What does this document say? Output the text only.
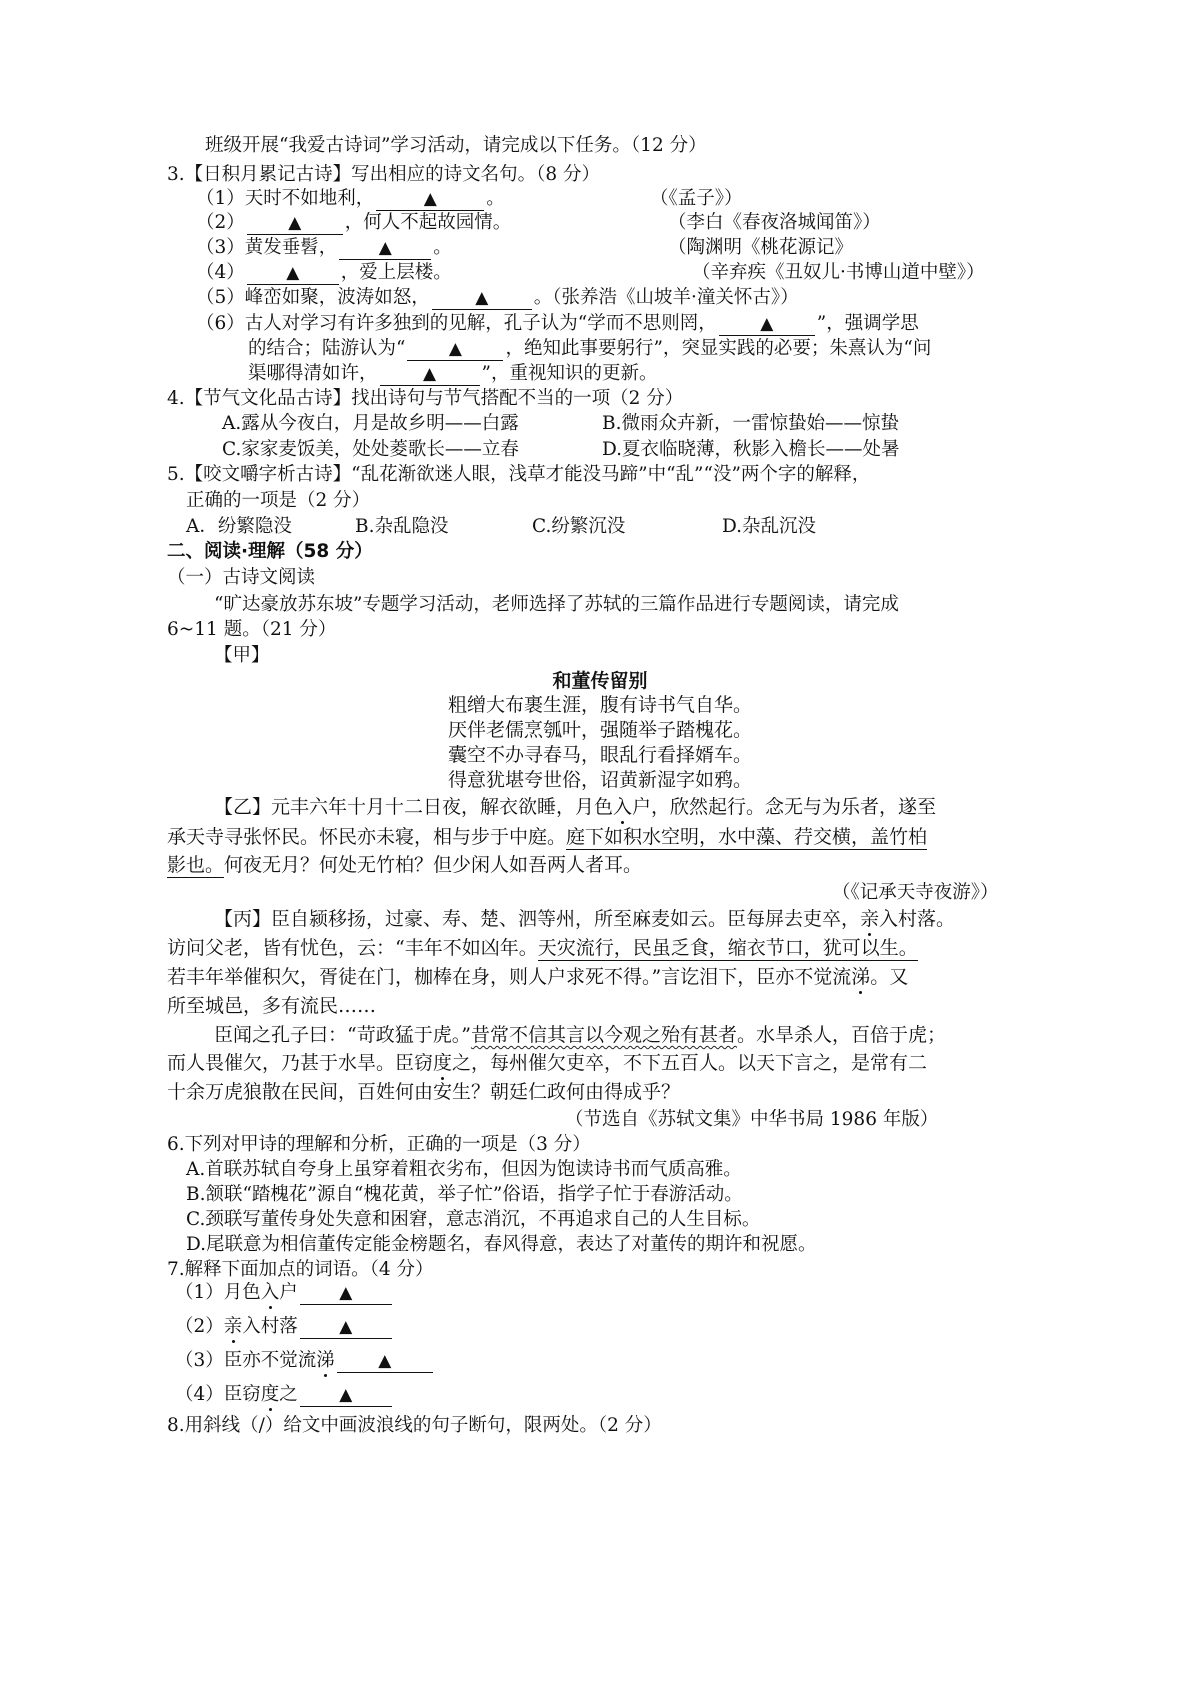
班级开展“我爱古诗词”学习活动，请完成以下任务。（12 分）
3.【日积月累记古诗】写出相应的诗文名句。（8 分）
（1）天时不如地利，	▲	。	（《孟子》）
（2）	▲ ，何人不起故园情。	（李白《春夜洛城闻笛》）
（3）黄发垂髫， ▲ 。	（陶渊明《桃花源记》
（4） ▲ ，爱上层楼。	（辛弃疾《丑奴儿·书博山道中壁》）
（5）峰峦如聚，波涛如怒，	▲ 。（张养浩《山坡羊·潼关怀古》）
（6）古人对学习有许多独到的见解，孔子认为“学而不思则罔，	▲ ”，强调学思
的结合；陆游认为“	▲ ，绝知此事要躬行”，突显实践的必要；朱熹认为“问
渠哪得清如许，	▲ ”，重视知识的更新。
4.【节气文化品古诗】找出诗句与节气搭配不当的一项（2 分）
A.露从今夜白，月是故乡明——白露	B.微雨众卉新，一雷惊蛰始——惊蛰
C.家家麦饭美，处处菱歌长——立春	D.夏衣临晓薄，秋影入檐长——处暑
5.【咬文嚼字析古诗】“乱花渐欲迷人眼，浅草才能没马蹄”中“乱”“没”两个字的解释，
正确的一项是（2 分）
A．纷繁隐没	B.杂乱隐没	C.纷繁沉没	D.杂乱沉没
二、阅读·理解（58 分）
（一）古诗文阅读
“旷达豪放苏东坡”专题学习活动，老师选择了苏轼的三篇作品进行专题阅读，请完成
6~11 题。（21 分）
【甲】
和董传留别
粗缯大布裹生涯，腹有诗书气自华。
厌伴老儒烹瓠叶，强随举子踏槐花。
囊空不办寻春马，眼乱行看择婿车。
得意犹堪夸世俗，诏黄新湿字如鸦。
【乙】元丰六年十月十二日夜，解衣欲睡，月色入户，欣然起行。念无与为乐者，遂至
承天寺寻张怀民。怀民亦未寝，相与步于中庭。庭下如积水空明，水中藻、荇交横，盖竹柏
影也。何夜无月？何处无竹柏？但少闲人如吾两人者耳。
（《记承天寺夜游》）
【丙】臣自颍移扬，过豪、寿、楚、泗等州，所至麻麦如云。臣每屏去吏卒，亲入村落。
访问父老，皆有忧色，云：“丰年不如凶年。天灾流行，民虽乏食，缩衣节口，犹可以生。
若丰年举催积欠，胥徒在门，枷棒在身，则人户求死不得。”言讫泪下，臣亦不觉流涕。又
所至城邑，多有流民……
臣闻之孔子曰：“苛政猛于虎。”昔常不信其言以今观之殆有甚者。水旱杀人，百倍于虎；
而人畏催欠，乃甚于水旱。臣窃度之，每州催欠吏卒，不下五百人。以天下言之，是常有二
十余万虎狼散在民间，百姓何由安生？朝廷仁政何由得成乎？
（节选自《苏轼文集》中华书局 1986 年版）
6.下列对甲诗的理解和分析，正确的一项是（3 分）
A.首联苏轼自夸身上虽穿着粗衣劣布，但因为饱读诗书而气质高雅。
B.颔联“踏槐花”源自“槐花黄，举子忙”俗语，指学子忙于春游活动。
C.颈联写董传身处失意和困窘，意志消沉，不再追求自己的人生目标。
D.尾联意为相信董传定能金榜题名，春风得意，表达了对董传的期许和祝愿。
7.解释下面加点的词语。（4 分）
（1）月色入户 ▲
（2）亲入村落 ▲
（3）臣亦不觉流涕	▲
（4）臣窃度之 ▲
8.用斜线（/）给文中画波浪线的句子断句，限两处。（2 分）
